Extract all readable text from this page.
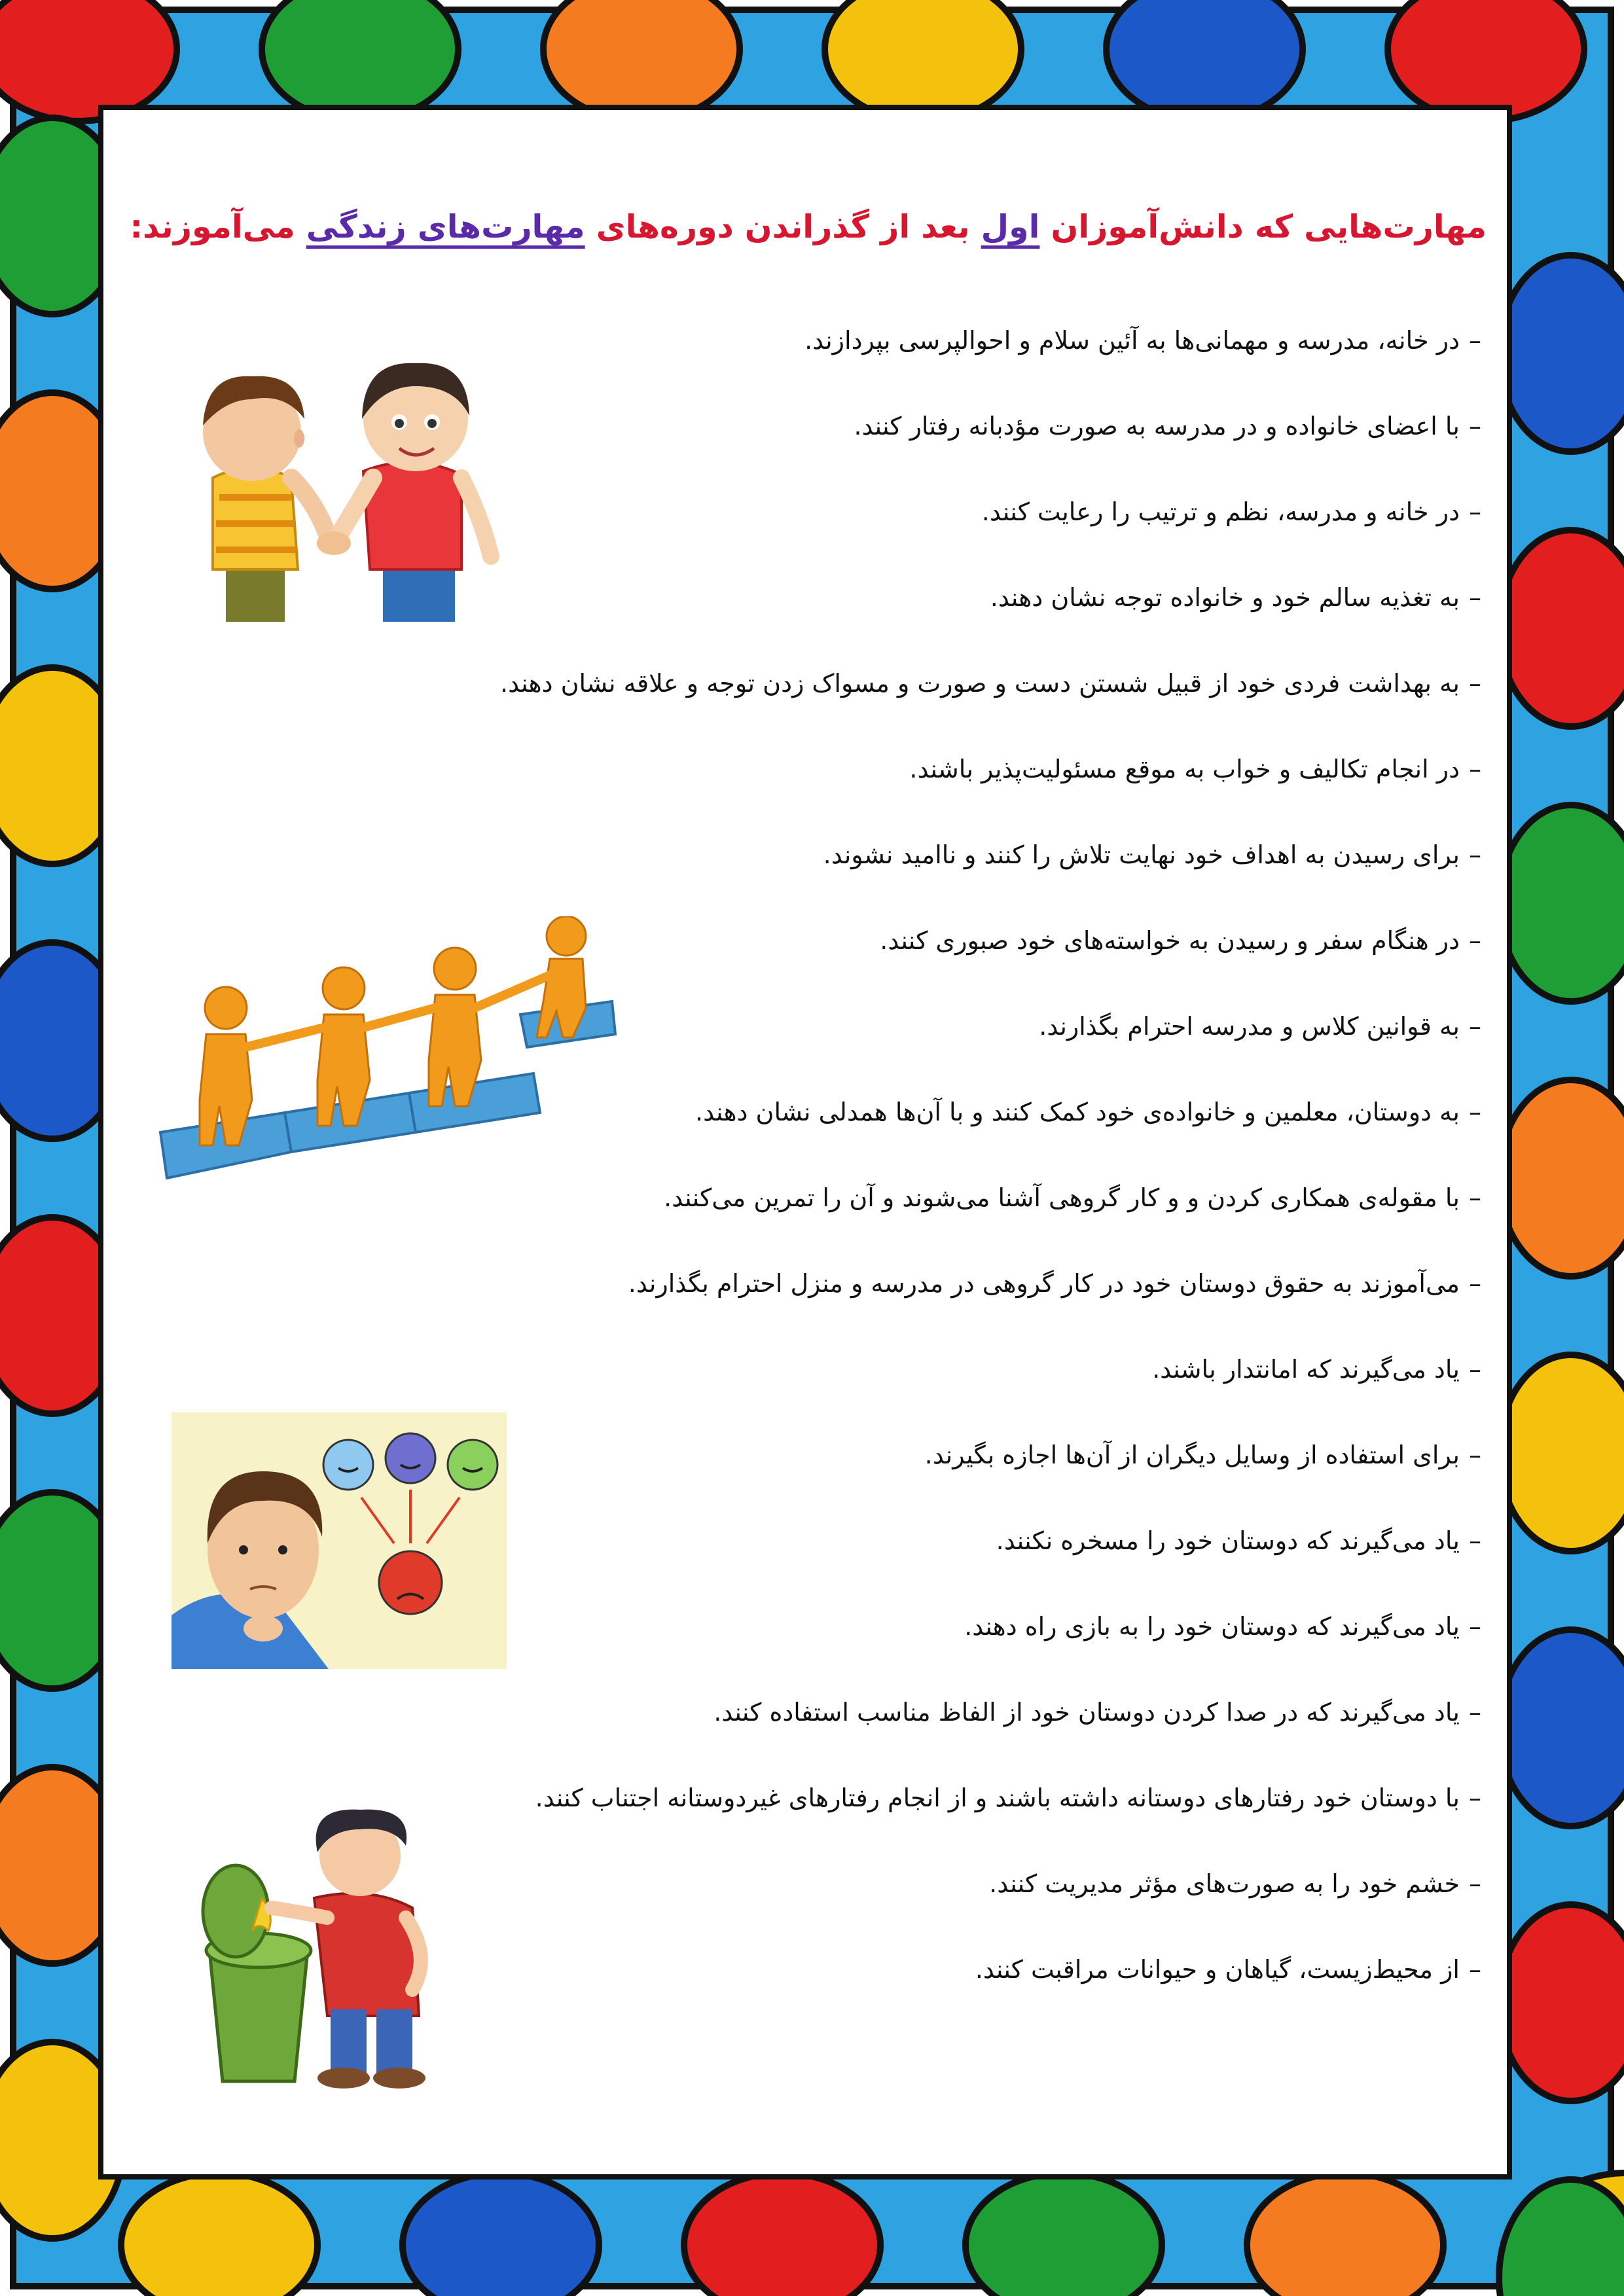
مهارت‌هایی که دانش‌آموزان اول بعد از گذراندن دوره‌های مهارت‌های زندگی می‌آموزند:
–در خانه، مدرسه و مهمانی‌ها به آئین سلام و احوالپرسی بپردازند.
–با اعضای خانواده و در مدرسه به صورت مؤدبانه رفتار کنند.
–در خانه و مدرسه، نظم و ترتیب را رعایت کنند.
–به تغذیه سالم خود و خانواده توجه نشان دهند.
–به بهداشت فردی خود از قبیل شستن دست و صورت و مسواک زدن توجه و علاقه نشان دهند.
–در انجام تکالیف و خواب به موقع مسئولیت‌پذیر باشند.
–برای رسیدن به اهداف خود نهایت تلاش را کنند و ناامید نشوند.
–در هنگام سفر و رسیدن به خواسته‌های خود صبوری کنند.
–به قوانین کلاس و مدرسه احترام بگذارند.
–به دوستان، معلمین و خانواده‌ی خود کمک کنند و با آن‌ها همدلی نشان دهند.
–با مقوله‌ی همکاری کردن و و کار گروهی آشنا می‌شوند و آن را تمرین می‌کنند.
–می‌آموزند به حقوق دوستان خود در کار گروهی در مدرسه و منزل احترام بگذارند.
–یاد می‌گیرند که امانتدار باشند.
–برای استفاده از وسایل دیگران از آن‌ها اجازه بگیرند.
–یاد می‌گیرند که دوستان خود را مسخره نکنند.
–یاد می‌گیرند که دوستان خود را به بازی راه دهند.
–یاد می‌گیرند که در صدا کردن دوستان خود از الفاظ مناسب استفاده کنند.
–با دوستان خود رفتارهای دوستانه داشته باشند و از انجام رفتارهای غیردوستانه اجتناب کنند.
–خشم خود را به صورت‌های مؤثر مدیریت کنند.
–از محیط‌زیست، گیاهان و حیوانات مراقبت کنند.
